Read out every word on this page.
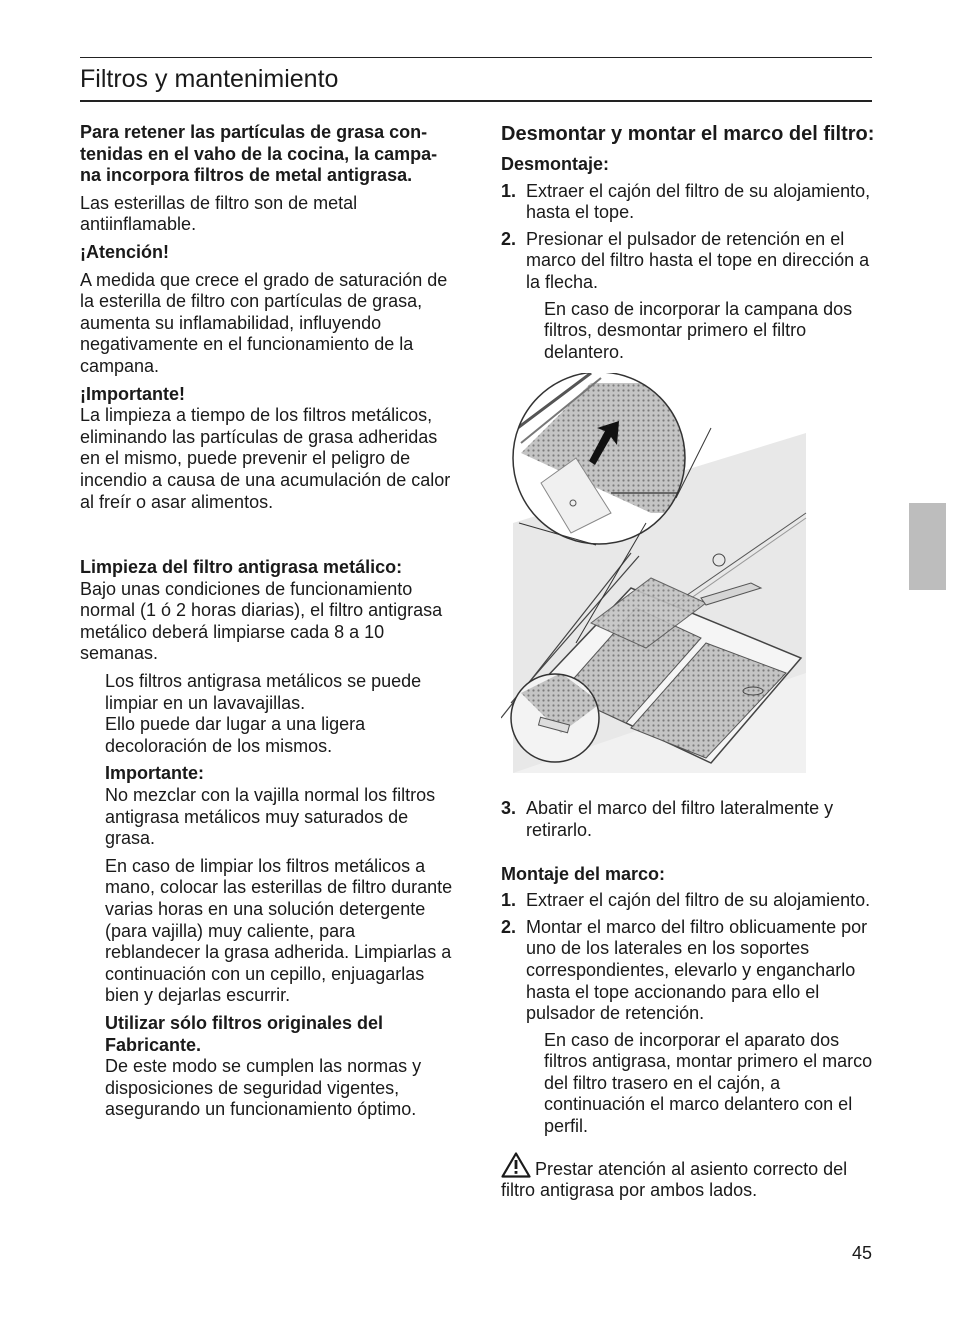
Filtros y mantenimiento

Para retener las partículas de grasa con-tenidas en el vaho de la cocina, la campa-na incorpora filtros de metal antigrasa.

Las esterillas de filtro son de metal antiinflamable.

¡Atención!

A medida que crece el grado de saturación de la esterilla de filtro con partículas de grasa, aumenta su inflamabilidad, influyendo negativamente en el funcionamiento de la campana.

¡Importante!

La limpieza a tiempo de los filtros metálicos, eliminando las partículas de grasa adheridas en el mismo, puede prevenir el peligro de incendio a causa de una acumulación de calor al freír o asar alimentos.

Limpieza del filtro antigrasa metálico:

Bajo unas condiciones de funcionamiento normal (1 ó 2 horas diarias), el filtro antigrasa metálico deberá limpiarse cada 8 a 10 semanas.

Los filtros antigrasa metálicos se puede limpiar en un lavavajillas.

Ello puede dar lugar a una ligera decoloración de los mismos.

Importante:

No mezclar con la vajilla normal los filtros antigrasa metálicos muy saturados de grasa.

En caso de limpiar los filtros metálicos a mano, colocar las esterillas de filtro durante varias horas en una solución detergente (para vajilla) muy caliente, para reblandecer la grasa adherida. Limpiarlas a continuación con un cepillo, enjuagarlas bien y dejarlas escurrir.

Utilizar sólo filtros originales del Fabricante.

De este modo se cumplen las normas y disposiciones de seguridad vigentes, asegurando un funcionamiento óptimo.

Desmontar y montar el marco del filtro:

Desmontaje:

1. Extraer el cajón del filtro de su alojamiento, hasta el tope.
2. Presionar el pulsador de retención en el marco del filtro hasta el tope en dirección a la flecha.

En caso de incorporar la campana dos filtros, desmontar primero el filtro delantero.

3. Abatir el marco del filtro lateralmente y retirarlo.

Montaje del marco:

1. Extraer el cajón del filtro de su alojamiento.
2. Montar el marco del filtro oblicuamente por uno de los laterales en los soportes correspondientes, elevarlo y engancharlo hasta el tope accionando para ello el pulsador de retención.

En caso de incorporar el aparato dos filtros antigrasa, montar primero el marco del filtro trasero en el cajón, a continuación el marco delantero con el perfil.

Prestar atención al asiento correcto del filtro antigrasa por ambos lados.

45
